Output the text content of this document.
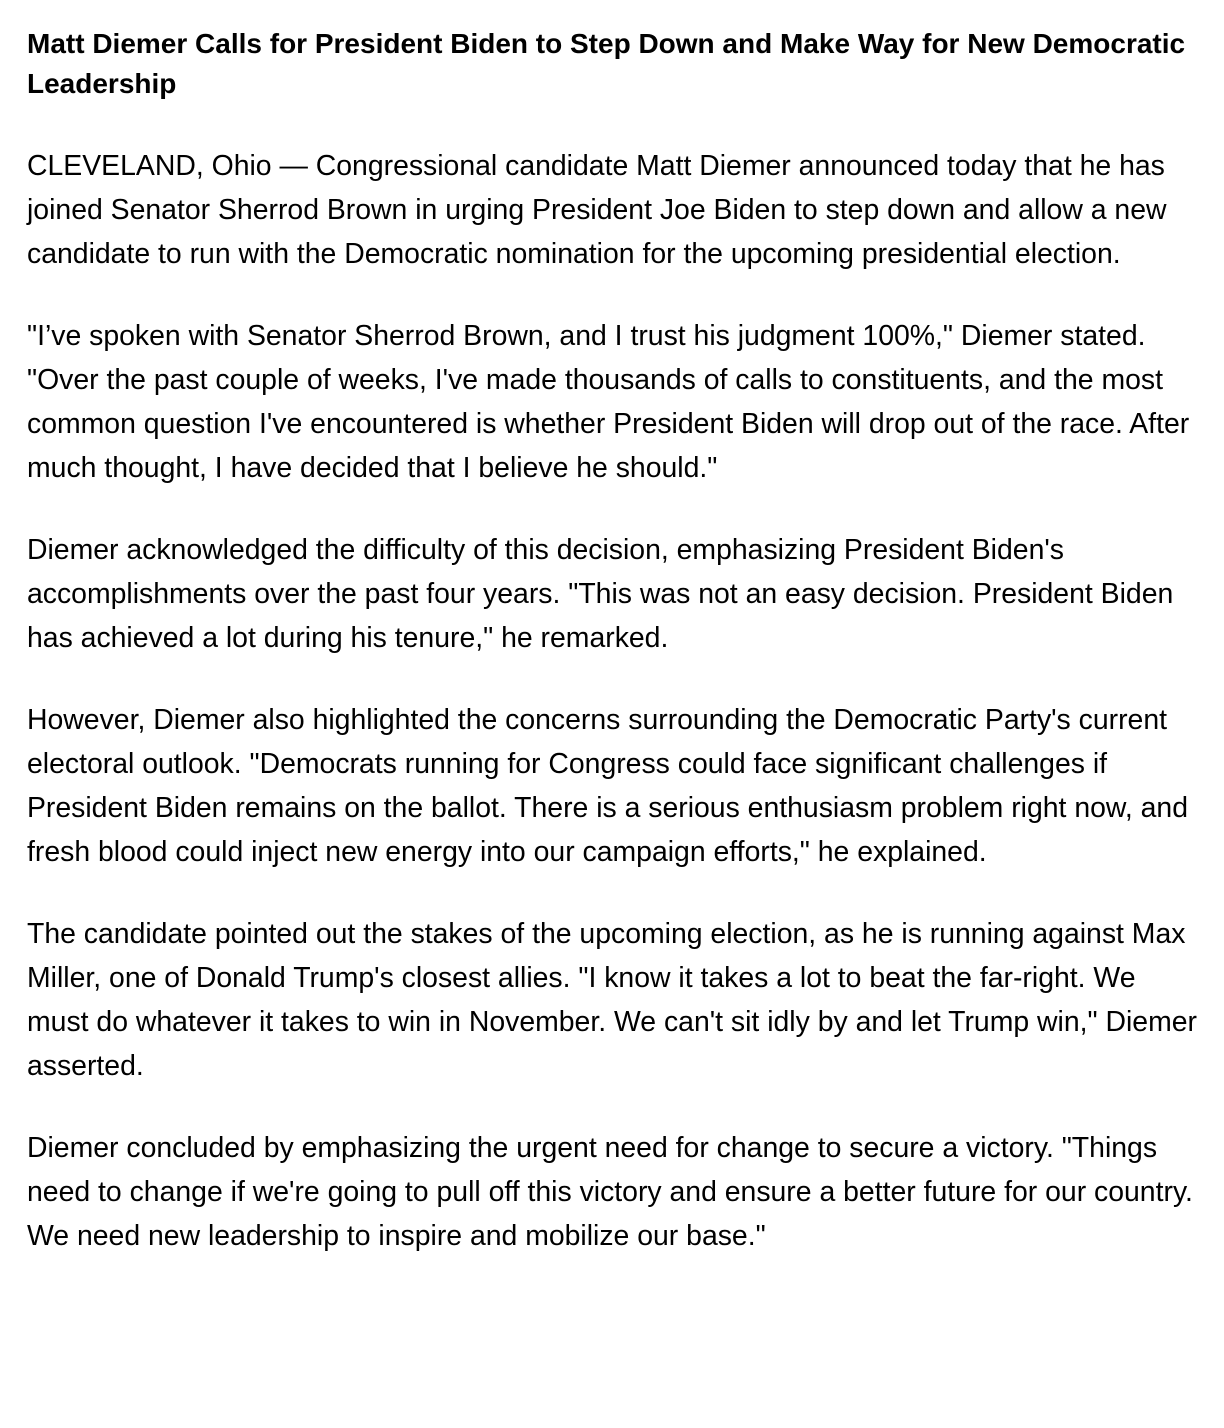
Matt Diemer Calls for President Biden to Step Down and Make Way for New Democratic Leadership

CLEVELAND, Ohio — Congressional candidate Matt Diemer announced today that he has joined Senator Sherrod Brown in urging President Joe Biden to step down and allow a new candidate to run with the Democratic nomination for the upcoming presidential election.

"I’ve spoken with Senator Sherrod Brown, and I trust his judgment 100%," Diemer stated. "Over the past couple of weeks, I've made thousands of calls to constituents, and the most common question I've encountered is whether President Biden will drop out of the race. After much thought, I have decided that I believe he should."

Diemer acknowledged the difficulty of this decision, emphasizing President Biden's accomplishments over the past four years. "This was not an easy decision. President Biden has achieved a lot during his tenure," he remarked.

However, Diemer also highlighted the concerns surrounding the Democratic Party's current electoral outlook. "Democrats running for Congress could face significant challenges if President Biden remains on the ballot. There is a serious enthusiasm problem right now, and fresh blood could inject new energy into our campaign efforts," he explained.

The candidate pointed out the stakes of the upcoming election, as he is running against Max Miller, one of Donald Trump's closest allies. "I know it takes a lot to beat the far-right. We must do whatever it takes to win in November. We can't sit idly by and let Trump win," Diemer asserted.

Diemer concluded by emphasizing the urgent need for change to secure a victory. "Things need to change if we're going to pull off this victory and ensure a better future for our country. We need new leadership to inspire and mobilize our base."
